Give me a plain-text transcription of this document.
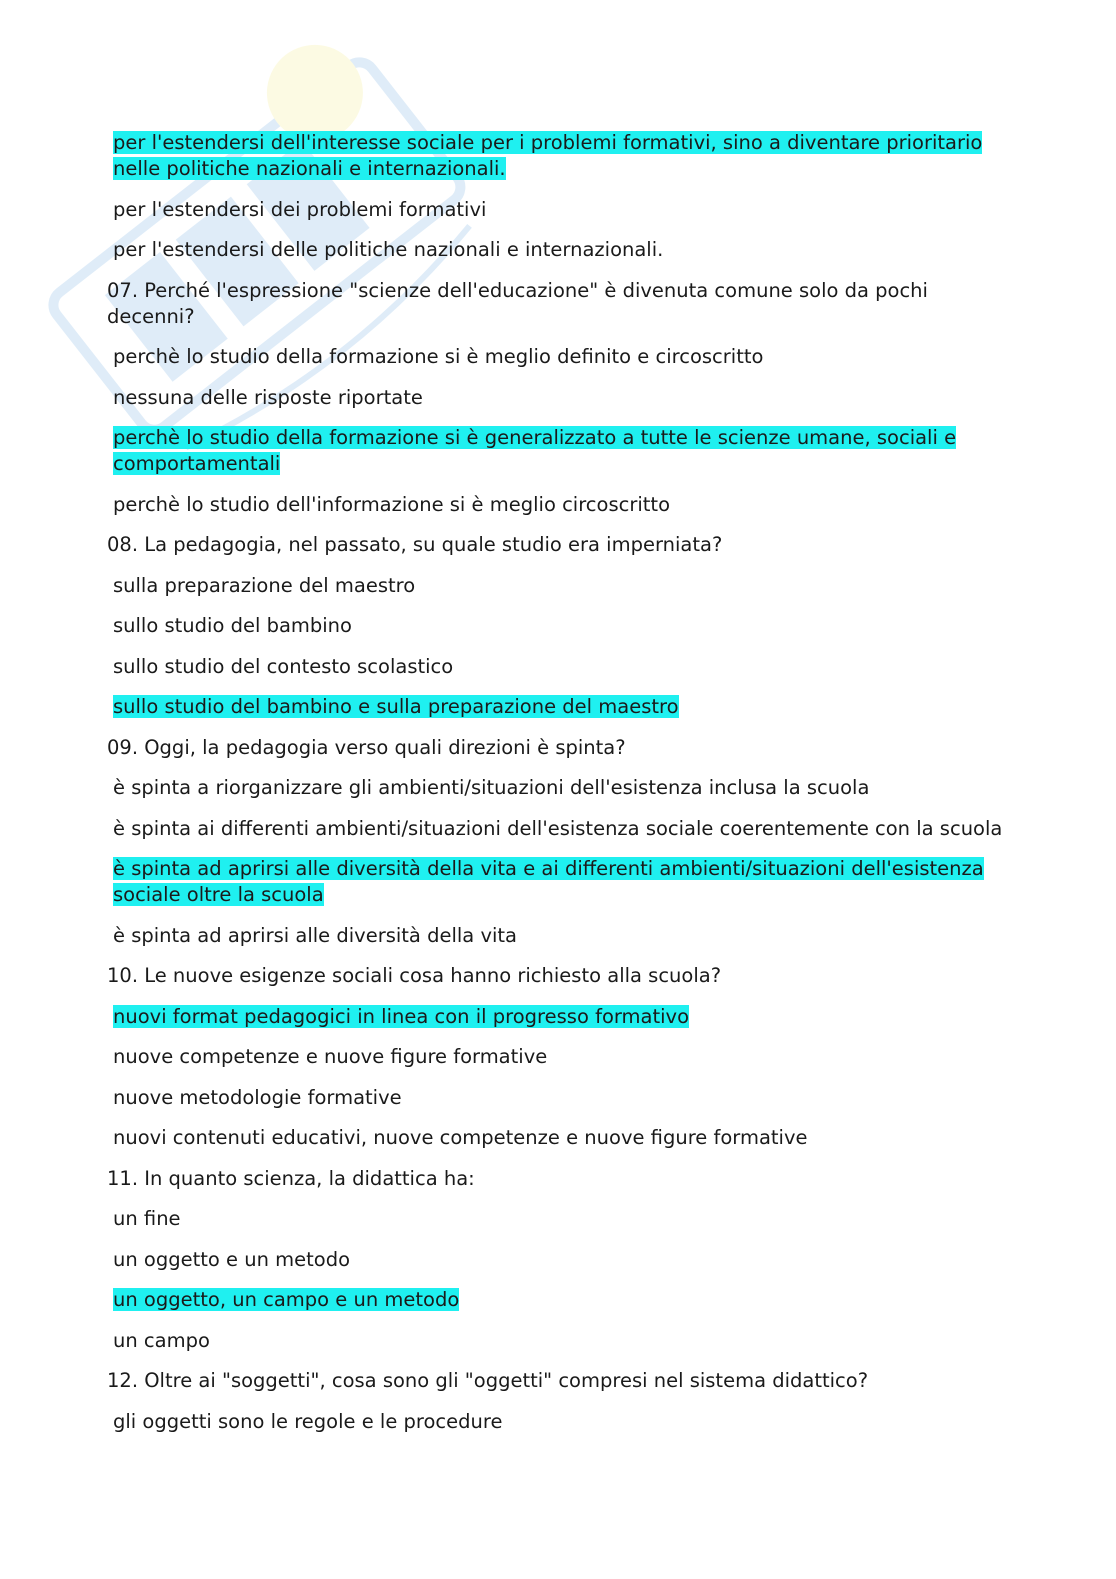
per l'estendersi dell'interesse sociale per i problemi formativi, sino a diventare prioritario nelle politiche nazionali e internazionali.
per l'estendersi dei problemi formativi
per l'estendersi delle politiche nazionali e internazionali.
07. Perché l'espressione "scienze dell'educazione" è divenuta comune solo da pochi decenni?
perchè lo studio della formazione si è meglio definito e circoscritto
nessuna delle risposte riportate
perchè lo studio della formazione si è generalizzato a tutte le scienze umane, sociali e comportamentali
perchè lo studio dell'informazione si è meglio circoscritto
08. La pedagogia, nel passato, su quale studio era imperniata?
sulla preparazione del maestro
sullo studio del bambino
sullo studio del contesto scolastico
sullo studio del bambino e sulla preparazione del maestro
09. Oggi, la pedagogia verso quali direzioni è spinta?
è spinta a riorganizzare gli ambienti/situazioni dell'esistenza inclusa la scuola
è spinta ai differenti ambienti/situazioni dell'esistenza sociale coerentemente con la scuola
è spinta ad aprirsi alle diversità della vita e ai differenti ambienti/situazioni dell'esistenza sociale oltre la scuola
è spinta ad aprirsi alle diversità della vita
10. Le nuove esigenze sociali cosa hanno richiesto alla scuola?
nuovi format pedagogici in linea con il progresso formativo
nuove competenze e nuove figure formative
nuove metodologie formative
nuovi contenuti educativi, nuove competenze e nuove figure formative
11. In quanto scienza, la didattica ha:
un fine
un oggetto e un metodo
un oggetto, un campo e un metodo
un campo
12. Oltre ai "soggetti", cosa sono gli "oggetti" compresi nel sistema didattico?
gli oggetti sono le regole e le procedure
